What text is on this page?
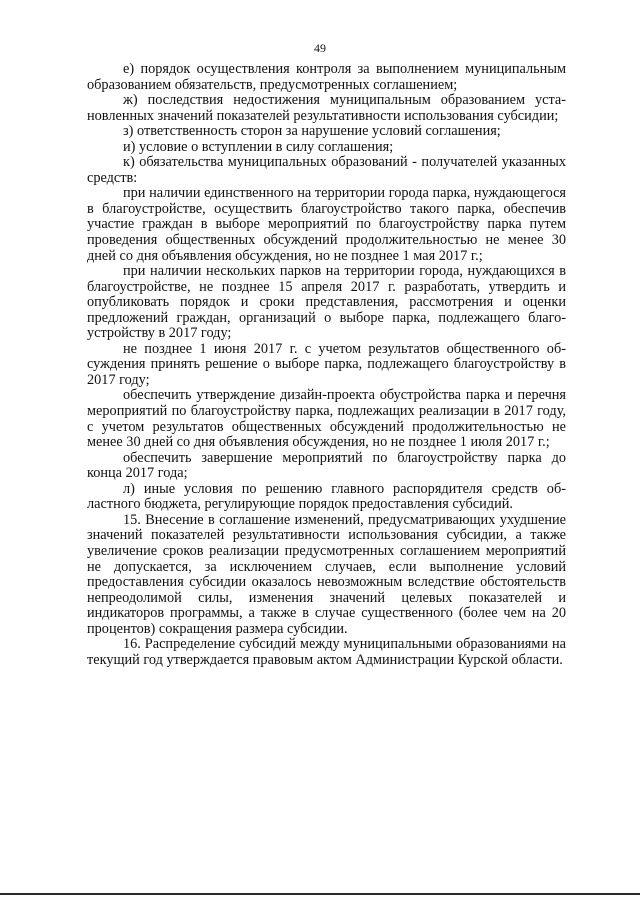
49

е) порядок осуществления контроля за выполнением муниципальным образованием обязательств, предусмотренных соглашением;

ж) последствия недостижения муниципальным образованием установленных значений показателей результативности использования субсидии;

з) ответственность сторон за нарушение условий соглашения;

и) условие о вступлении в силу соглашения;

к) обязательства муниципальных образований - получателей указанных средств:

при наличии единственного на территории города парка, нуждающегося в благоустройстве, осуществить благоустройство такого парка, обеспечив участие граждан в выборе мероприятий по благоустройству парка путем проведения общественных обсуждений продолжительностью не менее 30 дней со дня объявления обсуждения, но не позднее 1 мая 2017 г.;

при наличии нескольких парков на территории города, нуждающихся в благоустройстве, не позднее 15 апреля 2017 г. разработать, утвердить и опубликовать порядок и сроки представления, рассмотрения и оценки предложений граждан, организаций о выборе парка, подлежащего благоустройству в 2017 году;

не позднее 1 июня 2017 г. с учетом результатов общественного обсуждения принять решение о выборе парка, подлежащего благоустройству в 2017 году;

обеспечить утверждение дизайн-проекта обустройства парка и перечня мероприятий по благоустройству парка, подлежащих реализации в 2017 году, с учетом результатов общественных обсуждений продолжительностью не менее 30 дней со дня объявления обсуждения, но не позднее 1 июля 2017 г.;

обеспечить завершение мероприятий по благоустройству парка до конца 2017 года;

л) иные условия по решению главного распорядителя средств областного бюджета, регулирующие порядок предоставления субсидий.

15. Внесение в соглашение изменений, предусматривающих ухудшение значений показателей результативности использования субсидии, а также увеличение сроков реализации предусмотренных соглашением мероприятий не допускается, за исключением случаев, если выполнение условий предоставления субсидии оказалось невозможным вследствие обстоятельств непреодолимой силы, изменения значений целевых показателей и индикаторов программы, а также в случае существенного (более чем на 20 процентов) сокращения размера субсидии.

16. Распределение субсидий между муниципальными образованиями на текущий год утверждается правовым актом Администрации Курской области.
